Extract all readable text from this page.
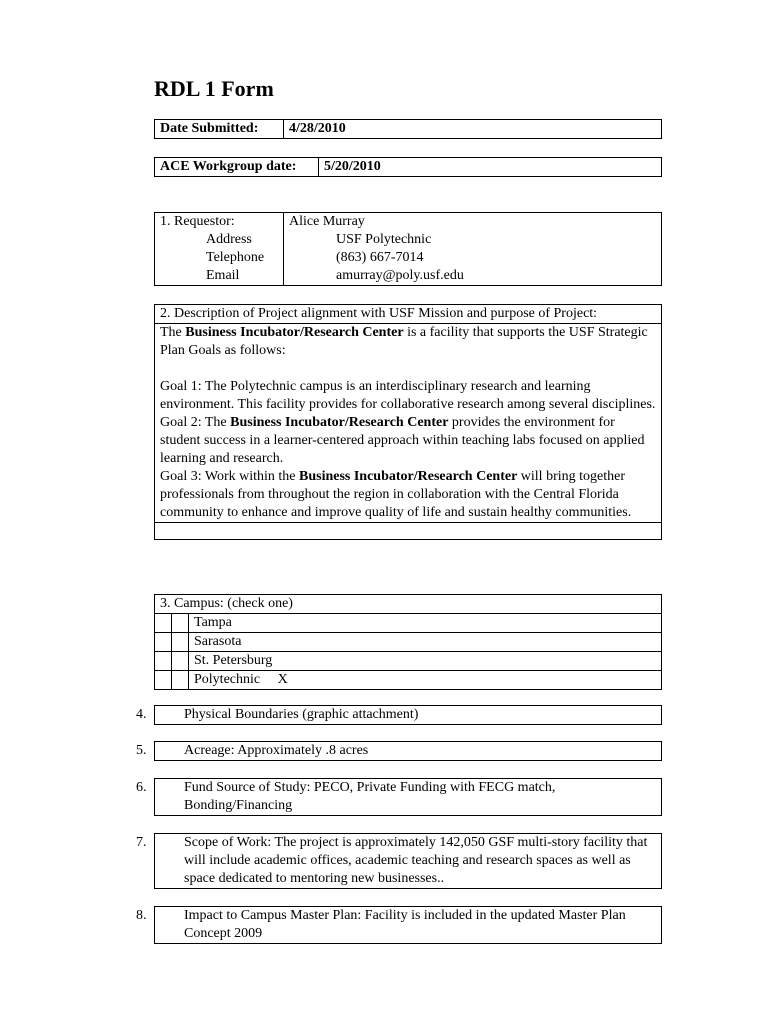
RDL 1 Form
Date Submitted:	4/28/2010
ACE Workgroup date:	5/20/2010
1. Requestor:	Alice Murray
Address	USF Polytechnic
Telephone	(863) 667-7014
Email	amurray@poly.usf.edu
2. Description of Project alignment with USF Mission and purpose of Project:

The Business Incubator/Research Center is a facility that supports the USF Strategic Plan Goals as follows:

Goal 1: The Polytechnic campus is an interdisciplinary research and learning environment. This facility provides for collaborative research among several disciplines.

Goal 2: The Business Incubator/Research Center provides the environment for student success in a learner-centered approach within teaching labs focused on applied learning and research.

Goal 3: Work within the Business Incubator/Research Center will bring together professionals from throughout the region in collaboration with the Central Florida community to enhance and improve quality of life and sustain healthy communities.

3. Campus: (check one)		
		Tampa
		Sarasota
		St. Petersburg
		Polytechnic X
4.	Physical Boundaries (graphic attachment)
5.	Acreage: Approximately .8 acres
6.	Fund Source of Study: PECO, Private Funding with FECG match, Bonding/Financing
7.	Scope of Work: The project is approximately 142,050 GSF multi-story facility that will include academic offices, academic teaching and research spaces as well as space dedicated to mentoring new businesses..
8.	Impact to Campus Master Plan: Facility is included in the updated Master Plan Concept 2009
